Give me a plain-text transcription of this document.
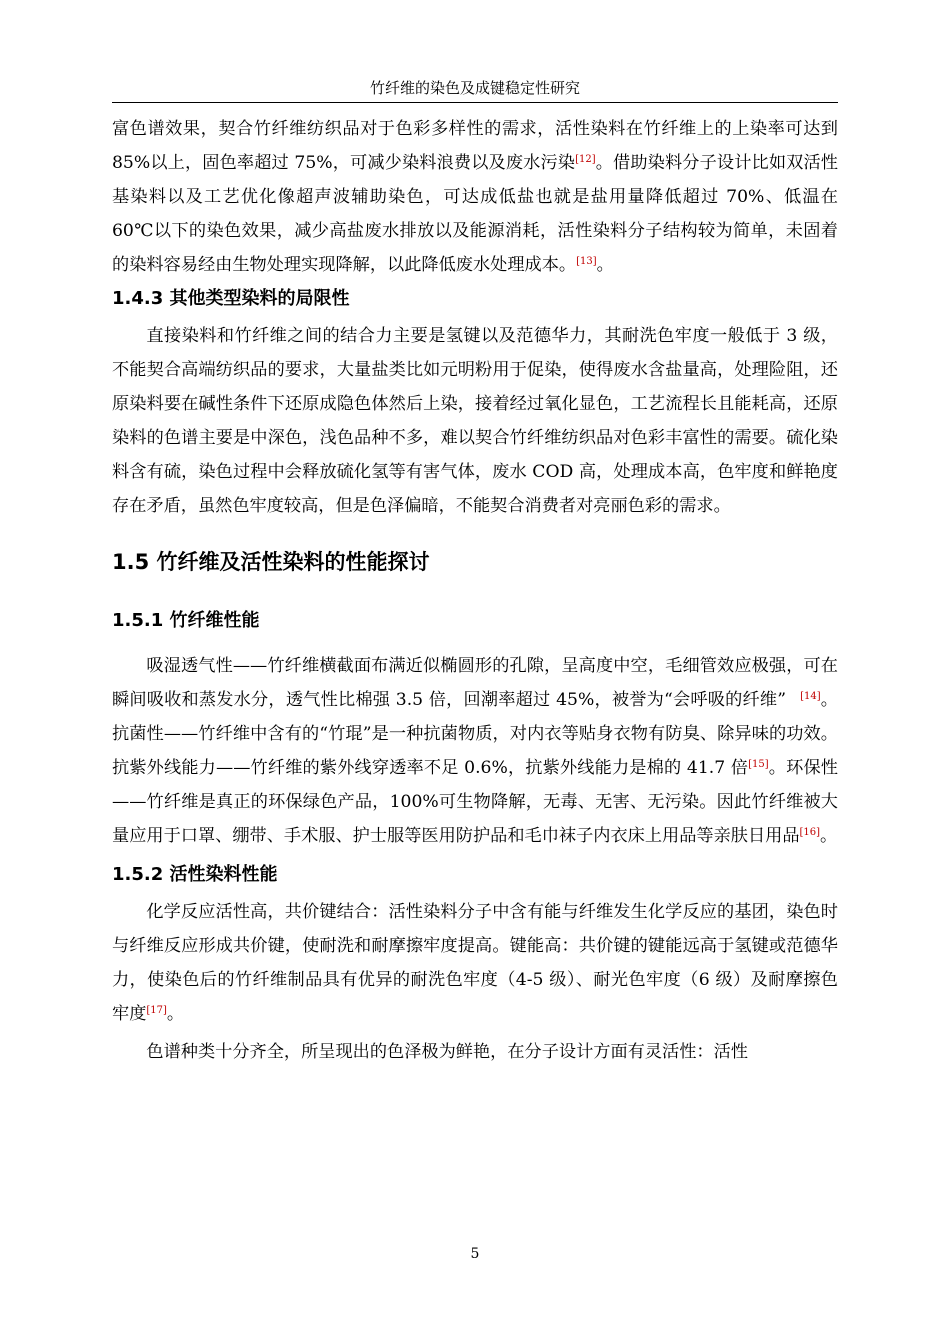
竹纤维的染色及成键稳定性研究

富色谱效果，契合竹纤维纺织品对于色彩多样性的需求，活性染料在竹纤维上的上染率可达到 85%以上，固色率超过 75%，可减少染料浪费以及废水污染[12]。借助染料分子设计比如双活性基染料以及工艺优化像超声波辅助染色，可达成低盐也就是盐用量降低超过 70%、低温在 60℃以下的染色效果，减少高盐废水排放以及能源消耗，活性染料分子结构较为简单，未固着的染料容易经由生物处理实现降解，以此降低废水处理成本。[13]。

1.4.3 其他类型染料的局限性

直接染料和竹纤维之间的结合力主要是氢键以及范德华力，其耐洗色牢度一般低于 3 级，不能契合高端纺织品的要求，大量盐类比如元明粉用于促染，使得废水含盐量高，处理险阻，还原染料要在碱性条件下还原成隐色体然后上染，接着经过氧化显色，工艺流程长且能耗高，还原染料的色谱主要是中深色，浅色品种不多，难以契合竹纤维纺织品对色彩丰富性的需要。硫化染料含有硫，染色过程中会释放硫化氢等有害气体，废水 COD 高，处理成本高，色牢度和鲜艳度存在矛盾，虽然色牢度较高，但是色泽偏暗，不能契合消费者对亮丽色彩的需求。

1.5 竹纤维及活性染料的性能探讨
1.5.1 竹纤维性能

吸湿透气性——竹纤维横截面布满近似椭圆形的孔隙，呈高度中空，毛细管效应极强，可在瞬间吸收和蒸发水分，透气性比棉强 3.5 倍，回潮率超过 45%，被誉为“会呼吸的纤维” [14]。抗菌性——竹纤维中含有的“竹琨”是一种抗菌物质，对内衣等贴身衣物有防臭、除异味的功效。抗紫外线能力——竹纤维的紫外线穿透率不足 0.6%，抗紫外线能力是棉的 41.7 倍[15]。环保性——竹纤维是真正的环保绿色产品，100%可生物降解，无毒、无害、无污染。因此竹纤维被大量应用于口罩、绷带、手术服、护士服等医用防护品和毛巾袜子内衣床上用品等亲肤日用品[16]。

1.5.2 活性染料性能

化学反应活性高，共价键结合：活性染料分子中含有能与纤维发生化学反应的基团，染色时与纤维反应形成共价键，使耐洗和耐摩擦牢度提高。键能高：共价键的键能远高于氢键或范德华力，使染色后的竹纤维制品具有优异的耐洗色牢度（4-5 级）、耐光色牢度（6 级）及耐摩擦色牢度[17]。

色谱种类十分齐全，所呈现出的色泽极为鲜艳，在分子设计方面有灵活性：活性

5
